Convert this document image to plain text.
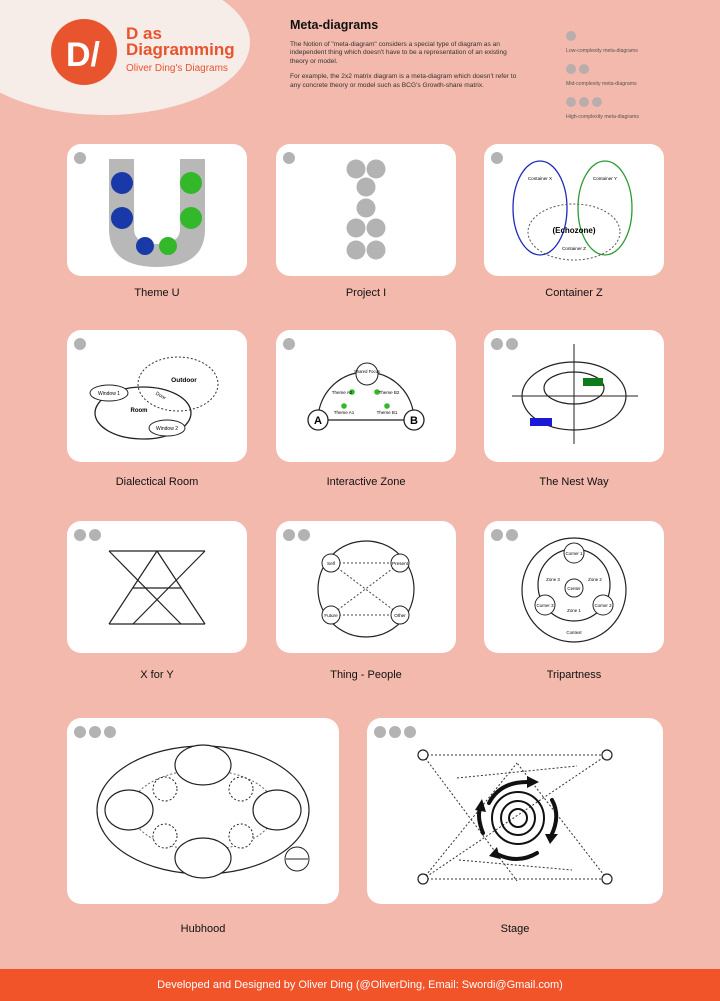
D/
D as
Diagramming
Oliver Ding's Diagrams
Meta-diagrams

The Notion of "meta-diagram" considers a special type of diagram as an independent thing which doesn't have to be a representation of an existing theory or model.

For example, the 2x2 matrix diagram is a meta-diagram which doesn't refer to any concrete theory or model such as BCG's Growth-share matrix.

Low-complexity meta-diagrams
Mid-complexity meta-diagrams
High-complexity meta-diagrams
Theme U	Project I
Container X	Container Y
(Echozone)
Container Z
Container Z
Window 1
Window 2
Outdoor
Room
Door
Dialectical Room
Shared Focus
A	B
Theme A2	Theme B2
Theme A1	Theme B1
Interactive Zone	The Nest Way
X for Y
Self	Present
Future	Other
Thing - People
Corner 1
Corner 2
Corner 3
Center
Zone 1
Zone 2
Zone 3
Context
Tripartness
Hubhood	Stage
Developed and Designed by Oliver Ding (@OliverDing, Email: Swordi@Gmail.com)
